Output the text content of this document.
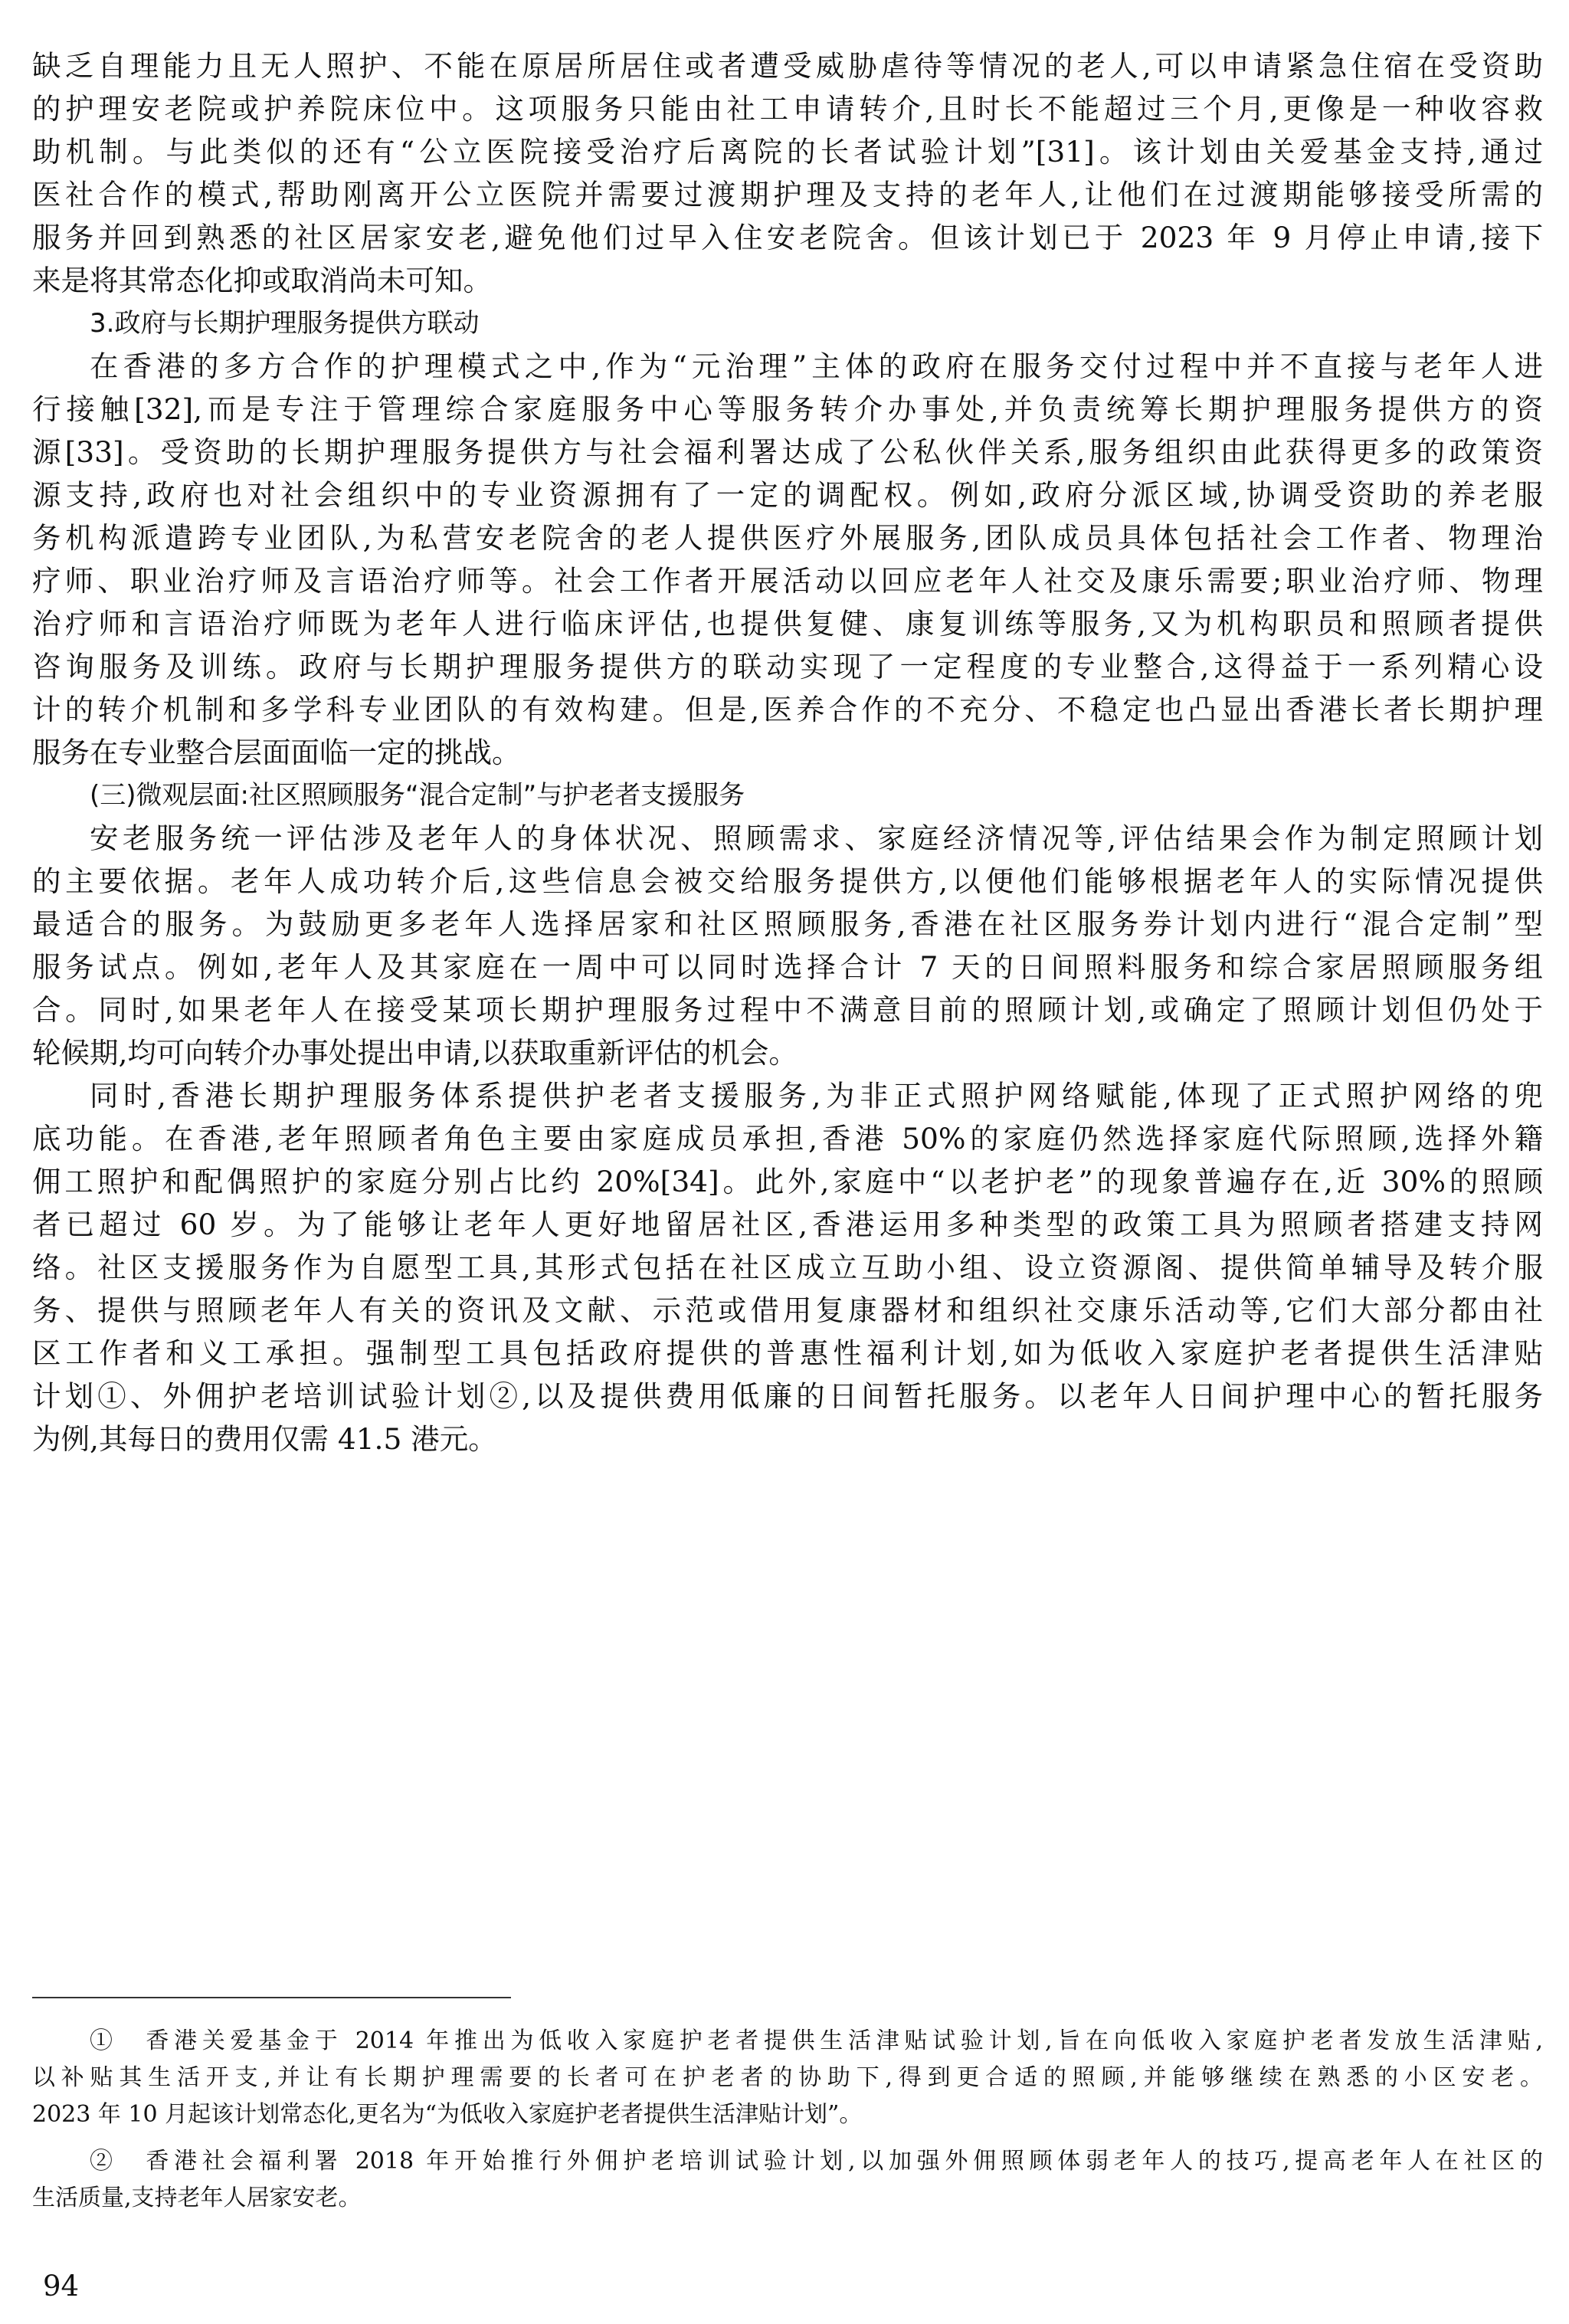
缺乏自理能力且无人照护、不能在原居所居住或者遭受威胁虐待等情况的老人,可以申请紧急住宿在受资助
的护理安老院或护养院床位中。这项服务只能由社工申请转介,且时长不能超过三个月,更像是一种收容救
助机制。与此类似的还有“公立医院接受治疗后离院的长者试验计划”[31]。该计划由关爱基金支持,通过
医社合作的模式,帮助刚离开公立医院并需要过渡期护理及支持的老年人,让他们在过渡期能够接受所需的
服务并回到熟悉的社区居家安老,避免他们过早入住安老院舍。但该计划已于 2023 年 9 月停止申请,接下
来是将其常态化抑或取消尚未可知。
3.政府与长期护理服务提供方联动
在香港的多方合作的护理模式之中,作为“元治理”主体的政府在服务交付过程中并不直接与老年人进
行接触[32],而是专注于管理综合家庭服务中心等服务转介办事处,并负责统筹长期护理服务提供方的资
源[33]。受资助的长期护理服务提供方与社会福利署达成了公私伙伴关系,服务组织由此获得更多的政策资
源支持,政府也对社会组织中的专业资源拥有了一定的调配权。例如,政府分派区域,协调受资助的养老服
务机构派遣跨专业团队,为私营安老院舍的老人提供医疗外展服务,团队成员具体包括社会工作者、物理治
疗师、职业治疗师及言语治疗师等。社会工作者开展活动以回应老年人社交及康乐需要;职业治疗师、物理
治疗师和言语治疗师既为老年人进行临床评估,也提供复健、康复训练等服务,又为机构职员和照顾者提供
咨询服务及训练。政府与长期护理服务提供方的联动实现了一定程度的专业整合,这得益于一系列精心设
计的转介机制和多学科专业团队的有效构建。但是,医养合作的不充分、不稳定也凸显出香港长者长期护理
服务在专业整合层面面临一定的挑战。
(三)微观层面:社区照顾服务“混合定制”与护老者支援服务
安老服务统一评估涉及老年人的身体状况、照顾需求、家庭经济情况等,评估结果会作为制定照顾计划
的主要依据。老年人成功转介后,这些信息会被交给服务提供方,以便他们能够根据老年人的实际情况提供
最适合的服务。为鼓励更多老年人选择居家和社区照顾服务,香港在社区服务券计划内进行“混合定制”型
服务试点。例如,老年人及其家庭在一周中可以同时选择合计 7 天的日间照料服务和综合家居照顾服务组
合。同时,如果老年人在接受某项长期护理服务过程中不满意目前的照顾计划,或确定了照顾计划但仍处于
轮候期,均可向转介办事处提出申请,以获取重新评估的机会。
同时,香港长期护理服务体系提供护老者支援服务,为非正式照护网络赋能,体现了正式照护网络的兜
底功能。在香港,老年照顾者角色主要由家庭成员承担,香港 50%的家庭仍然选择家庭代际照顾,选择外籍
佣工照护和配偶照护的家庭分别占比约 20%[34]。此外,家庭中“以老护老”的现象普遍存在,近 30%的照顾
者已超过 60 岁。为了能够让老年人更好地留居社区,香港运用多种类型的政策工具为照顾者搭建支持网
络。社区支援服务作为自愿型工具,其形式包括在社区成立互助小组、设立资源阁、提供简单辅导及转介服
务、提供与照顾老年人有关的资讯及文献、示范或借用复康器材和组织社交康乐活动等,它们大部分都由社
区工作者和义工承担。强制型工具包括政府提供的普惠性福利计划,如为低收入家庭护老者提供生活津贴
计划①、外佣护老培训试验计划②,以及提供费用低廉的日间暂托服务。以老年人日间护理中心的暂托服务
为例,其每日的费用仅需 41.5 港元。
①　香港关爱基金于 2014 年推出为低收入家庭护老者提供生活津贴试验计划,旨在向低收入家庭护老者发放生活津贴,
以补贴其生活开支,并让有长期护理需要的长者可在护老者的协助下,得到更合适的照顾,并能够继续在熟悉的小区安老。
2023 年 10 月起该计划常态化,更名为“为低收入家庭护老者提供生活津贴计划”。
②　香港社会福利署 2018 年开始推行外佣护老培训试验计划,以加强外佣照顾体弱老年人的技巧,提高老年人在社区的
生活质量,支持老年人居家安老。
94
